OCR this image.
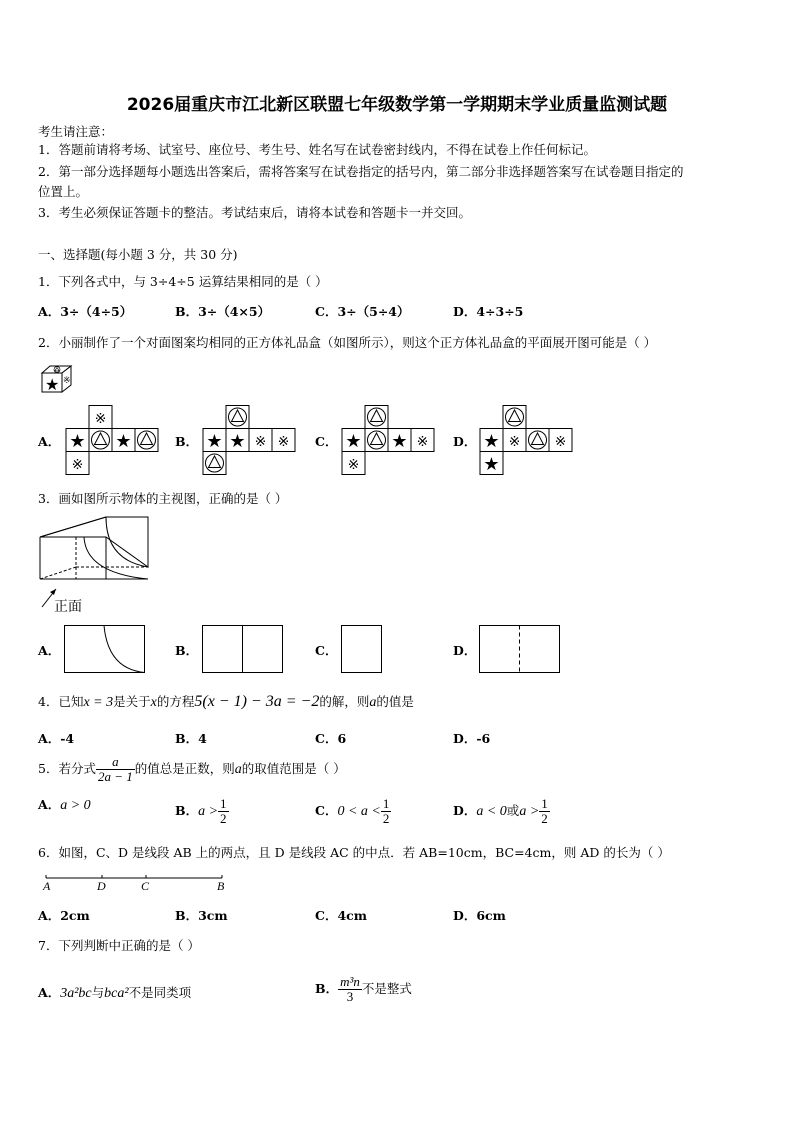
2026届重庆市江北新区联盟七年级数学第一学期期末学业质量监测试题
考生请注意：
1．答题前请将考场、试室号、座位号、考生号、姓名写在试卷密封线内，不得在试卷上作任何标记。
2．第一部分选择题每小题选出答案后，需将答案写在试卷指定的括号内，第二部分非选择题答案写在试卷题目指定的
位置上。
3．考生必须保证答题卡的整洁。考试结束后，请将本试卷和答题卡一并交回。
一、选择题(每小题 3 分，共 30 分)
1．下列各式中，与 3÷4÷5 运算结果相同的是（ ）
A．3÷（4÷5）	B．3÷（4×5）	C．3÷（5÷4）	D．4÷3÷5
2．小丽制作了一个对面图案均相同的正方体礼品盒（如图所示），则这个正方体礼品盒的平面展开图可能是（ ）
★ ※
A．
※
★ ★
※
B． ★ ★ ※ ※ C． ★ ★ ※
※
D． ★ ※ ※
★
3．画如图所示物体的主视图，正确的是（ ）
正面
A．	B．	C．	D．
4．已知x = 3是关于x的方程5(x − 1) − 3a = −2的解，则a的值是
A．-4	B．4	C．6	D．-6
5．若分式 $\frac{a}{2a - 1}$ 的值总是正数，则a的取值范围是（ ）
A．a > 0	B．$a > \frac{1}{2}$	C．$0 < a < \frac{1}{2}$	D．a < 0或$a > \frac{1}{2}$
6．如图，C、D 是线段 AB 上的两点，且 D 是线段 AC 的中点．若 AB=10cm，BC=4cm，则 AD 的长为（ ）
A	D	C	B
A．2cm	B．3cm	C．4cm	D．6cm
7．下列判断中正确的是（ ）
A．3a²bc与bca²不是同类项	B． $\frac{\text{m³n}}{3}$ 不是整式
